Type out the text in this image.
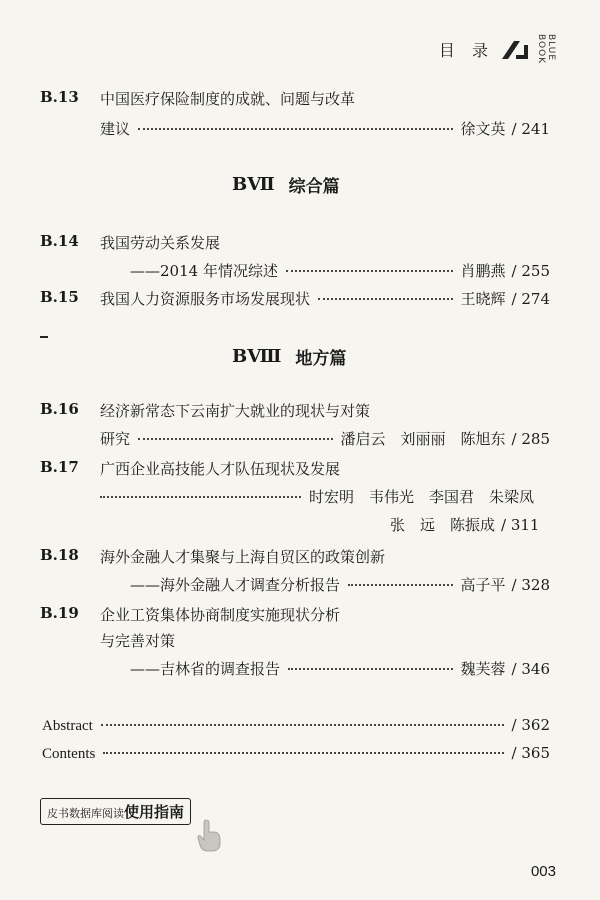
目 录	BLUE BOOK
B.13 中国医疗保险制度的成就、问题与改革
建议	徐文英 / 241
BⅦ 综合篇
B.14 我国劳动关系发展
——2014 年情况综述	肖鹏燕 / 255
B.15 我国人力资源服务市场发展现状	王晓辉 / 274
BⅧ 地方篇
B.16 经济新常态下云南扩大就业的现状与对策
研究	潘启云　刘丽丽　陈旭东 / 285
B.17 广西企业高技能人才队伍现状及发展
时宏明　韦伟光　李国君　朱梁凤
张　远　陈振成 / 311
B.18 海外金融人才集聚与上海自贸区的政策创新
——海外金融人才调查分析报告	高子平 / 328
B.19 企业工资集体协商制度实施现状分析
与完善对策
——吉林省的调查报告	魏芙蓉 / 346
Abstract	/ 362
Contents	/ 365
皮书数据库阅读使用指南
003
